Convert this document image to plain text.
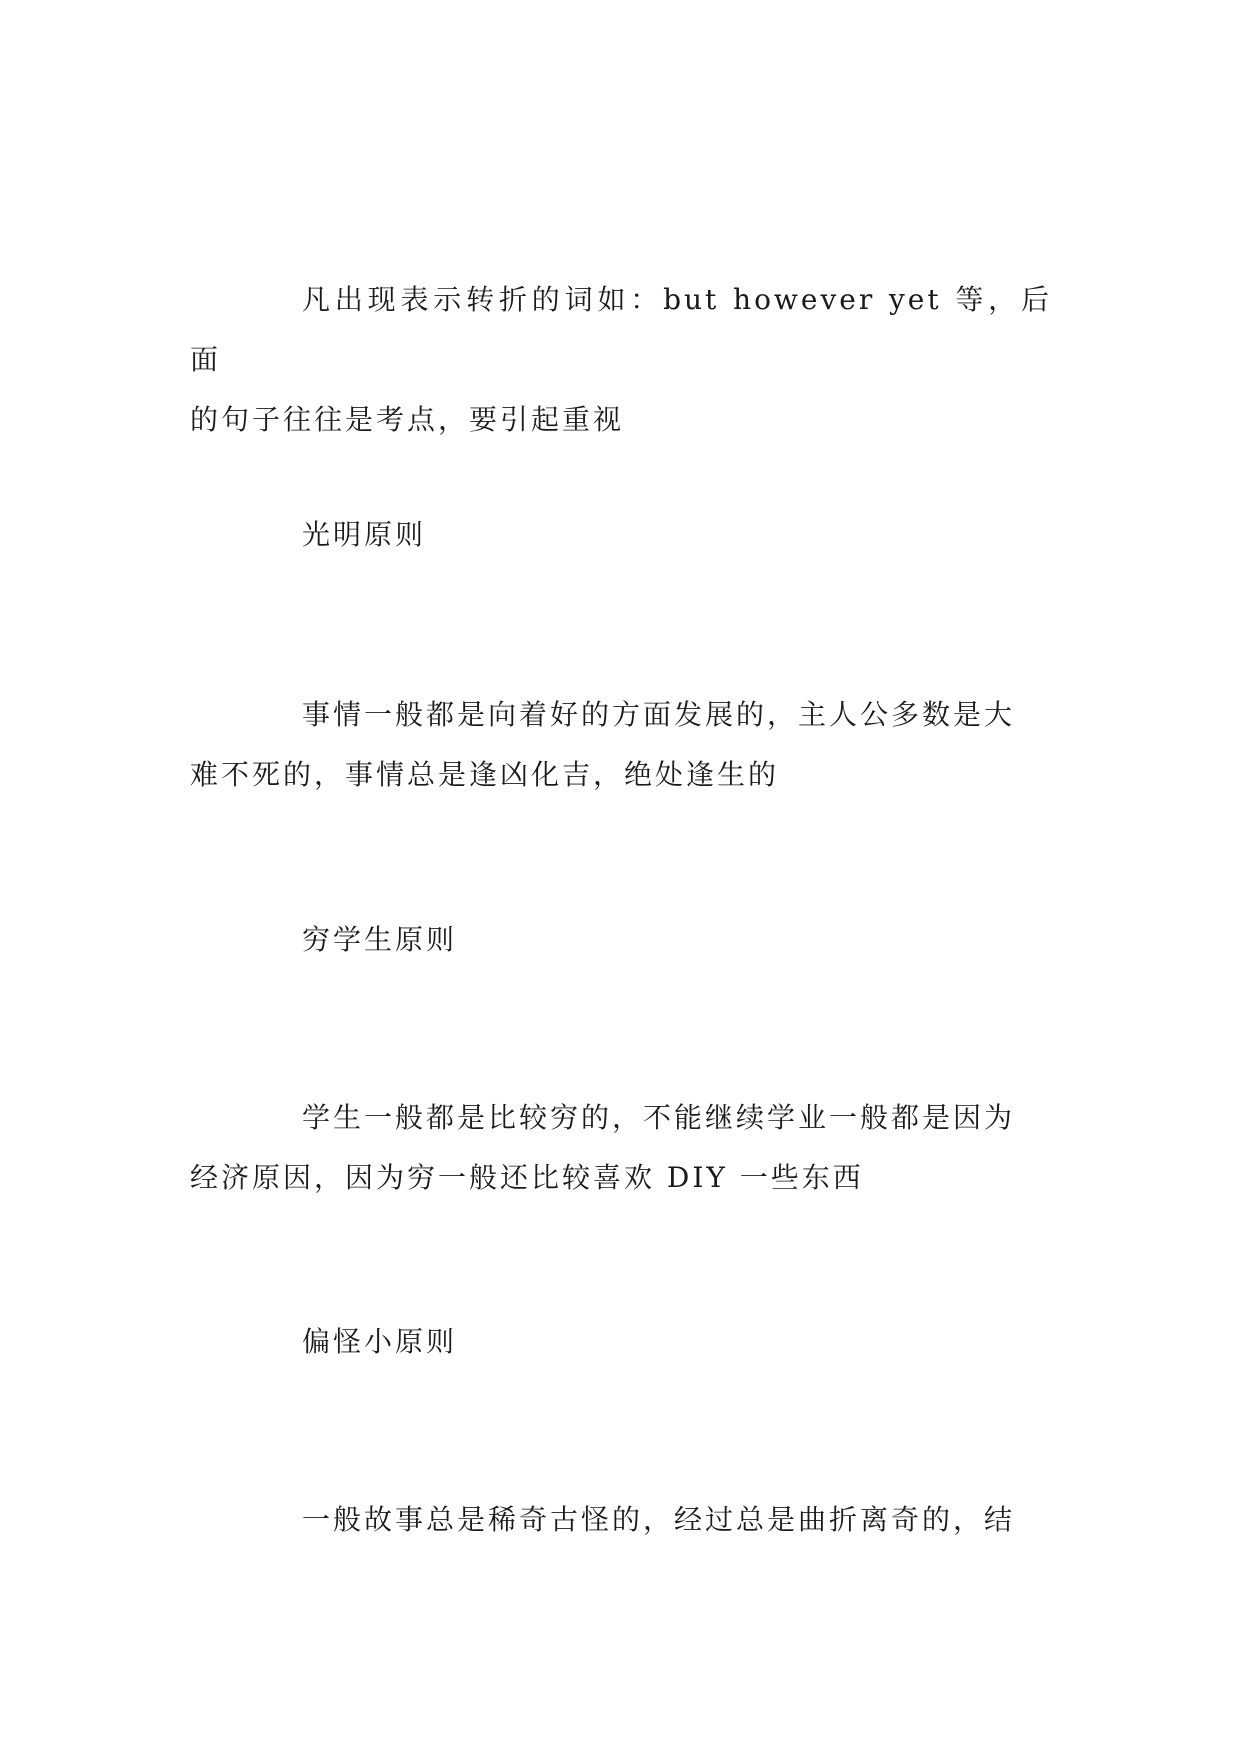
凡出现表示转折的词如：but however yet 等，后面
的句子往往是考点，要引起重视

光明原则

事情一般都是向着好的方面发展的，主人公多数是大
难不死的，事情总是逢凶化吉，绝处逢生的

穷学生原则

学生一般都是比较穷的，不能继续学业一般都是因为
经济原因，因为穷一般还比较喜欢 DIY 一些东西

偏怪小原则

一般故事总是稀奇古怪的，经过总是曲折离奇的，结
